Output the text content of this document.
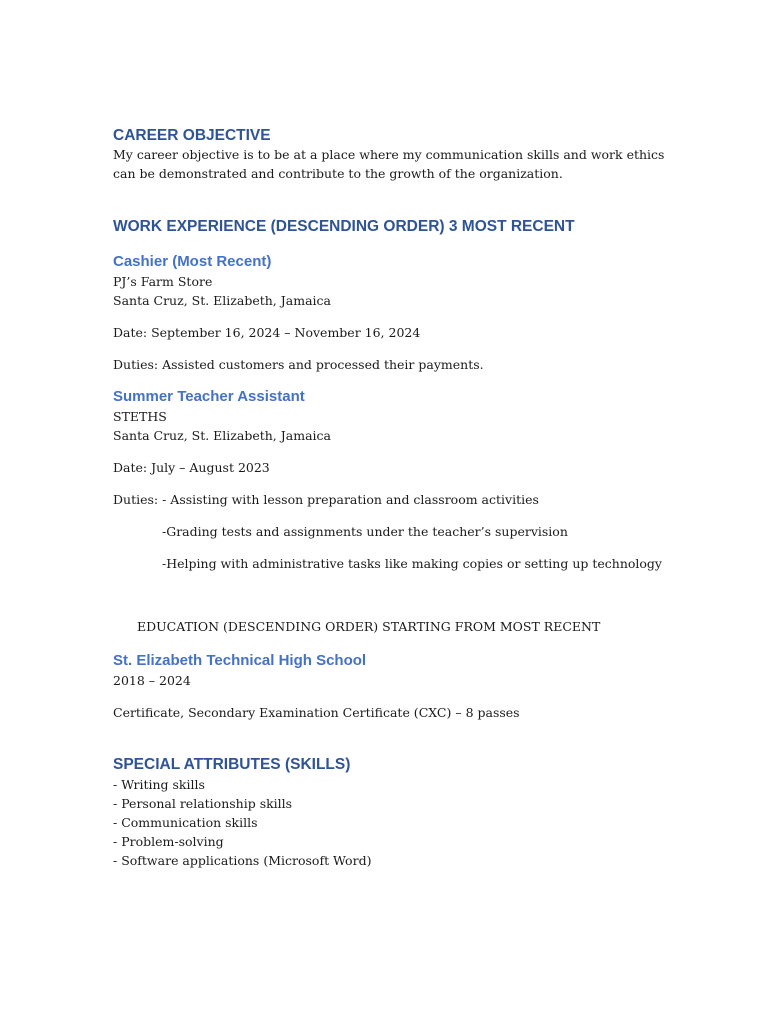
CAREER OBJECTIVE

My career objective is to be at a place where my communication skills and work ethics can be demonstrated and contribute to the growth of the organization.

WORK EXPERIENCE (DESCENDING ORDER) 3 MOST RECENT
Cashier (Most Recent)

PJ’s Farm Store

Santa Cruz, St. Elizabeth, Jamaica

Date: September 16, 2024 – November 16, 2024

Duties: Assisted customers and processed their payments.

Summer Teacher Assistant

STETHS

Santa Cruz, St. Elizabeth, Jamaica

Date: July – August 2023

Duties: - Assisting with lesson preparation and classroom activities

-Grading tests and assignments under the teacher’s supervision

-Helping with administrative tasks like making copies or setting up technology

EDUCATION (DESCENDING ORDER) STARTING FROM MOST RECENT

St. Elizabeth Technical High School

2018 – 2024

Certificate, Secondary Examination Certificate (CXC) – 8 passes

SPECIAL ATTRIBUTES (SKILLS)

- Writing skills

- Personal relationship skills

- Communication skills

- Problem-solving

- Software applications (Microsoft Word)
